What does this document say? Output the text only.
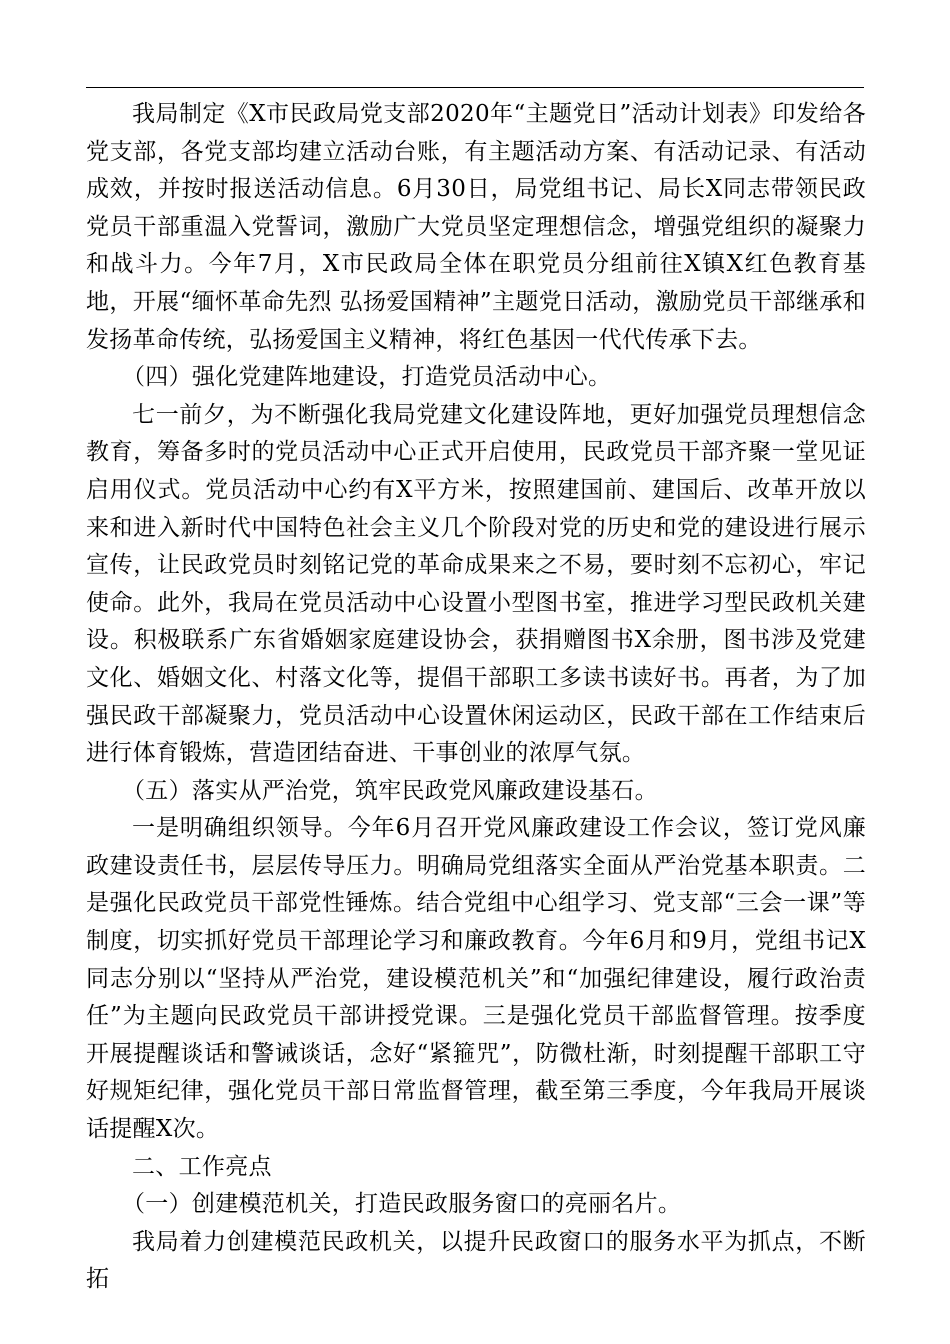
我局制定《X市民政局党支部2020年“主题党日”活动计划表》印发给各党支部，各党支部均建立活动台账，有主题活动方案、有活动记录、有活动成效，并按时报送活动信息。6月30日，局党组书记、局长X同志带领民政党员干部重温入党誓词，激励广大党员坚定理想信念，增强党组织的凝聚力和战斗力。今年7月，X市民政局全体在职党员分组前往X镇X红色教育基地，开展“缅怀革命先烈 弘扬爱国精神”主题党日活动，激励党员干部继承和发扬革命传统，弘扬爱国主义精神，将红色基因一代代传承下去。

（四）强化党建阵地建设，打造党员活动中心。

七一前夕，为不断强化我局党建文化建设阵地，更好加强党员理想信念教育，筹备多时的党员活动中心正式开启使用，民政党员干部齐聚一堂见证启用仪式。党员活动中心约有X平方米，按照建国前、建国后、改革开放以来和进入新时代中国特色社会主义几个阶段对党的历史和党的建设进行展示宣传，让民政党员时刻铭记党的革命成果来之不易，要时刻不忘初心，牢记使命。此外，我局在党员活动中心设置小型图书室，推进学习型民政机关建设。积极联系广东省婚姻家庭建设协会，获捐赠图书X余册，图书涉及党建文化、婚姻文化、村落文化等，提倡干部职工多读书读好书。再者，为了加强民政干部凝聚力，党员活动中心设置休闲运动区，民政干部在工作结束后进行体育锻炼，营造团结奋进、干事创业的浓厚气氛。

（五）落实从严治党，筑牢民政党风廉政建设基石。

一是明确组织领导。今年6月召开党风廉政建设工作会议，签订党风廉政建设责任书，层层传导压力。明确局党组落实全面从严治党基本职责。二是强化民政党员干部党性锤炼。结合党组中心组学习、党支部“三会一课”等制度，切实抓好党员干部理论学习和廉政教育。今年6月和9月，党组书记X同志分别以“坚持从严治党，建设模范机关”和“加强纪律建设，履行政治责任”为主题向民政党员干部讲授党课。三是强化党员干部监督管理。按季度开展提醒谈话和警诫谈话，念好“紧箍咒”，防微杜渐，时刻提醒干部职工守好规矩纪律，强化党员干部日常监督管理，截至第三季度，今年我局开展谈话提醒X次。

二、工作亮点

（一）创建模范机关，打造民政服务窗口的亮丽名片。

我局着力创建模范民政机关，以提升民政窗口的服务水平为抓点，不断拓
